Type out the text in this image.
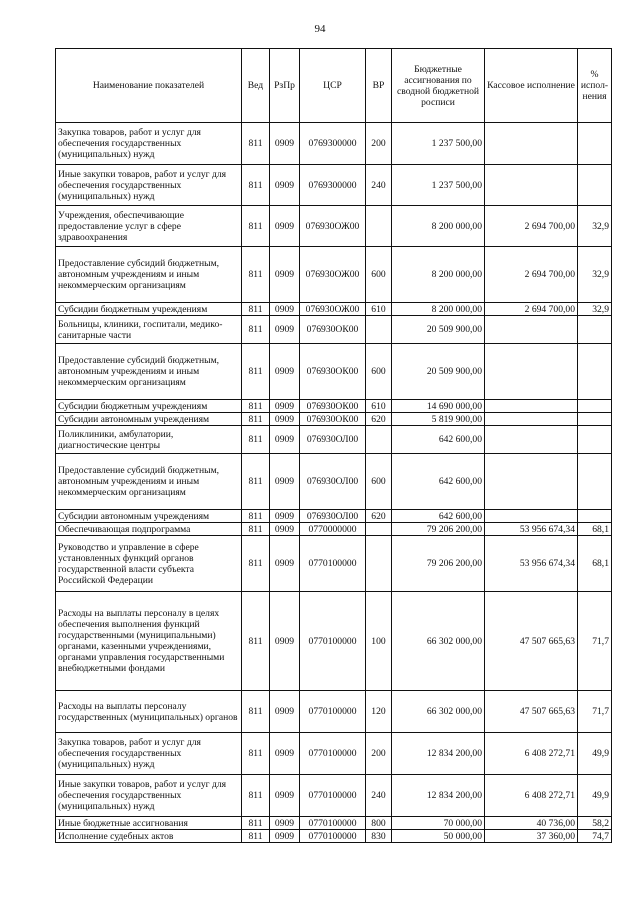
94
Наименование показателей	Вед	РзПр	ЦСР	ВР	Бюджетные ассигнования по сводной бюджетной росписи	Кассовое исполнение	% испол-нения
Закупка товаров, работ и услуг для обеспечения государственных (муниципальных) нужд	811	0909	0769300000	200	1 237 500,00		
Иные закупки товаров, работ и услуг для обеспечения государственных (муниципальных) нужд	811	0909	0769300000	240	1 237 500,00		
Учреждения, обеспечивающие предоставление услуг в сфере здравоохранения	811	0909	076930ОЖ00		8 200 000,00	2 694 700,00	32,9
Предоставление субсидий бюджетным, автономным учреждениям и иным некоммерческим организациям	811	0909	076930ОЖ00	600	8 200 000,00	2 694 700,00	32,9
Субсидии бюджетным учреждениям	811	0909	076930ОЖ00	610	8 200 000,00	2 694 700,00	32,9
Больницы, клиники, госпитали, медико-санитарные части	811	0909	076930ОК00		20 509 900,00		
Предоставление субсидий бюджетным, автономным учреждениям и иным некоммерческим организациям	811	0909	076930ОК00	600	20 509 900,00		
Субсидии бюджетным учреждениям	811	0909	076930ОК00	610	14 690 000,00		
Субсидии автономным учреждениям	811	0909	076930ОК00	620	5 819 900,00		
Поликлиники, амбулатории, диагностические центры	811	0909	076930ОЛ00		642 600,00		
Предоставление субсидий бюджетным, автономным учреждениям и иным некоммерческим организациям	811	0909	076930ОЛ00	600	642 600,00		
Субсидии автономным учреждениям	811	0909	076930ОЛ00	620	642 600,00		
Обеспечивающая подпрограмма	811	0909	0770000000		79 206 200,00	53 956 674,34	68,1
Руководство и управление в сфере установленных функций органов государственной власти субъекта Российской Федерации	811	0909	0770100000		79 206 200,00	53 956 674,34	68,1
Расходы на выплаты персоналу в целях обеспечения выполнения функций государственными (муниципальными) органами, казенными учреждениями, органами управления государственными внебюджетными фондами	811	0909	0770100000	100	66 302 000,00	47 507 665,63	71,7
Расходы на выплаты персоналу государственных (муниципальных) органов	811	0909	0770100000	120	66 302 000,00	47 507 665,63	71,7
Закупка товаров, работ и услуг для обеспечения государственных (муниципальных) нужд	811	0909	0770100000	200	12 834 200,00	6 408 272,71	49,9
Иные закупки товаров, работ и услуг для обеспечения государственных (муниципальных) нужд	811	0909	0770100000	240	12 834 200,00	6 408 272,71	49,9
Иные бюджетные ассигнования	811	0909	0770100000	800	70 000,00	40 736,00	58,2
Исполнение судебных актов	811	0909	0770100000	830	50 000,00	37 360,00	74,7
